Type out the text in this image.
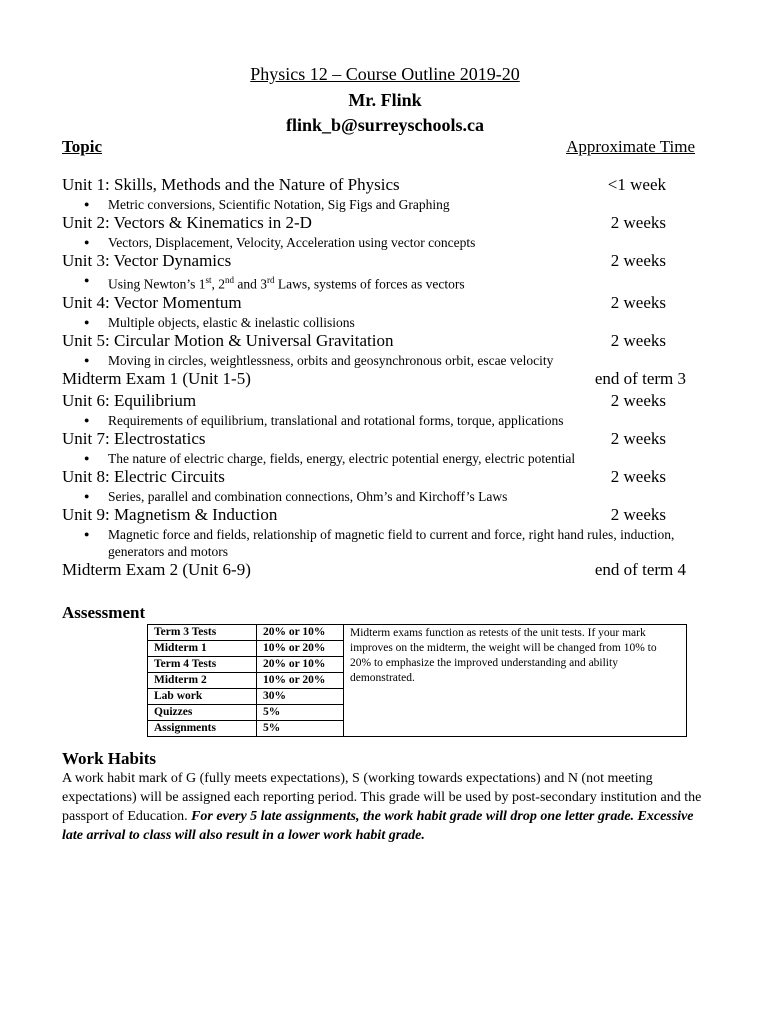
Physics 12 – Course Outline 2019-20
Mr. Flink
flink_b@surreyschools.ca
Topic	Approximate Time
Unit 1: Skills, Methods and the Nature of Physics	<1 week
● Metric conversions, Scientific Notation, Sig Figs and Graphing
Unit 2: Vectors & Kinematics in 2-D	2 weeks
● Vectors, Displacement, Velocity, Acceleration using vector concepts
Unit 3: Vector Dynamics	2 weeks
● Using Newton’s 1st, 2nd and 3rd Laws, systems of forces as vectors
Unit 4: Vector Momentum	2 weeks
● Multiple objects, elastic & inelastic collisions
Unit 5: Circular Motion & Universal Gravitation	2 weeks
● Moving in circles, weightlessness, orbits and geosynchronous orbit, escae velocity
Midterm Exam 1 (Unit 1-5)	end of term 3
Unit 6: Equilibrium	2 weeks
● Requirements of equilibrium, translational and rotational forms, torque, applications
Unit 7: Electrostatics	2 weeks
● The nature of electric charge, fields, energy, electric potential energy, electric potential
Unit 8: Electric Circuits	2 weeks
● Series, parallel and combination connections, Ohm’s and Kirchoff’s Laws
Unit 9: Magnetism & Induction	2 weeks
● Magnetic force and fields, relationship of magnetic field to current and force, right hand rules, induction, generators and motors
Midterm Exam 2 (Unit 6-9)	end of term 4
Assessment
Term 3 Tests	20% or 10%	Midterm exams function as retests of the unit tests. If your mark improves on the midterm, the weight will be changed from 10% to 20% to emphasize the improved understanding and ability demonstrated.
Midterm 1	10% or 20%	
Term 4 Tests	20% or 10%	
Midterm 2	10% or 20%	
Lab work	30%	
Quizzes	5%	
Assignments	5%	
Work Habits
A work habit mark of G (fully meets expectations), S (working towards expectations) and N (not meeting expectations) will be assigned each reporting period. This grade will be used by post-secondary institution and the passport of Education. For every 5 late assignments, the work habit grade will drop one letter grade. Excessive late arrival to class will also result in a lower work habit grade.
